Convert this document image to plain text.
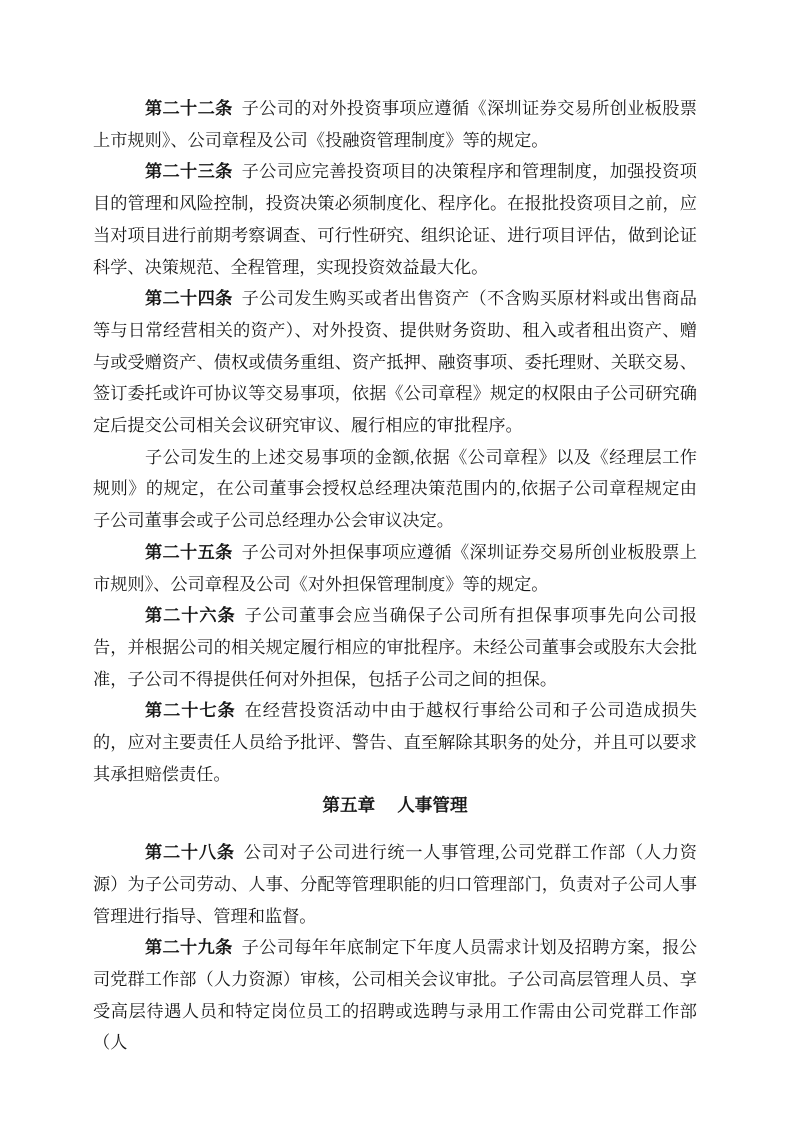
第二十二条 子公司的对外投资事项应遵循《深圳证券交易所创业板股票上市规则》、公司章程及公司《投融资管理制度》等的规定。

第二十三条 子公司应完善投资项目的决策程序和管理制度，加强投资项目的管理和风险控制，投资决策必须制度化、程序化。在报批投资项目之前，应当对项目进行前期考察调查、可行性研究、组织论证、进行项目评估，做到论证科学、决策规范、全程管理，实现投资效益最大化。

第二十四条 子公司发生购买或者出售资产（不含购买原材料或出售商品等与日常经营相关的资产）、对外投资、提供财务资助、租入或者租出资产、赠与或受赠资产、债权或债务重组、资产抵押、融资事项、委托理财、关联交易、签订委托或许可协议等交易事项，依据《公司章程》规定的权限由子公司研究确定后提交公司相关会议研究审议、履行相应的审批程序。

子公司发生的上述交易事项的金额,依据《公司章程》以及《经理层工作规则》的规定，在公司董事会授权总经理决策范围内的,依据子公司章程规定由子公司董事会或子公司总经理办公会审议决定。

第二十五条 子公司对外担保事项应遵循《深圳证券交易所创业板股票上市规则》、公司章程及公司《对外担保管理制度》等的规定。

第二十六条 子公司董事会应当确保子公司所有担保事项事先向公司报告，并根据公司的相关规定履行相应的审批程序。未经公司董事会或股东大会批准，子公司不得提供任何对外担保，包括子公司之间的担保。

第二十七条 在经营投资活动中由于越权行事给公司和子公司造成损失的，应对主要责任人员给予批评、警告、直至解除其职务的处分，并且可以要求其承担赔偿责任。

第五章　 人事管理

第二十八条 公司对子公司进行统一人事管理,公司党群工作部（人力资源）为子公司劳动、人事、分配等管理职能的归口管理部门，负责对子公司人事管理进行指导、管理和监督。

第二十九条 子公司每年年底制定下年度人员需求计划及招聘方案，报公司党群工作部（人力资源）审核，公司相关会议审批。子公司高层管理人员、享受高层待遇人员和特定岗位员工的招聘或选聘与录用工作需由公司党群工作部（人
